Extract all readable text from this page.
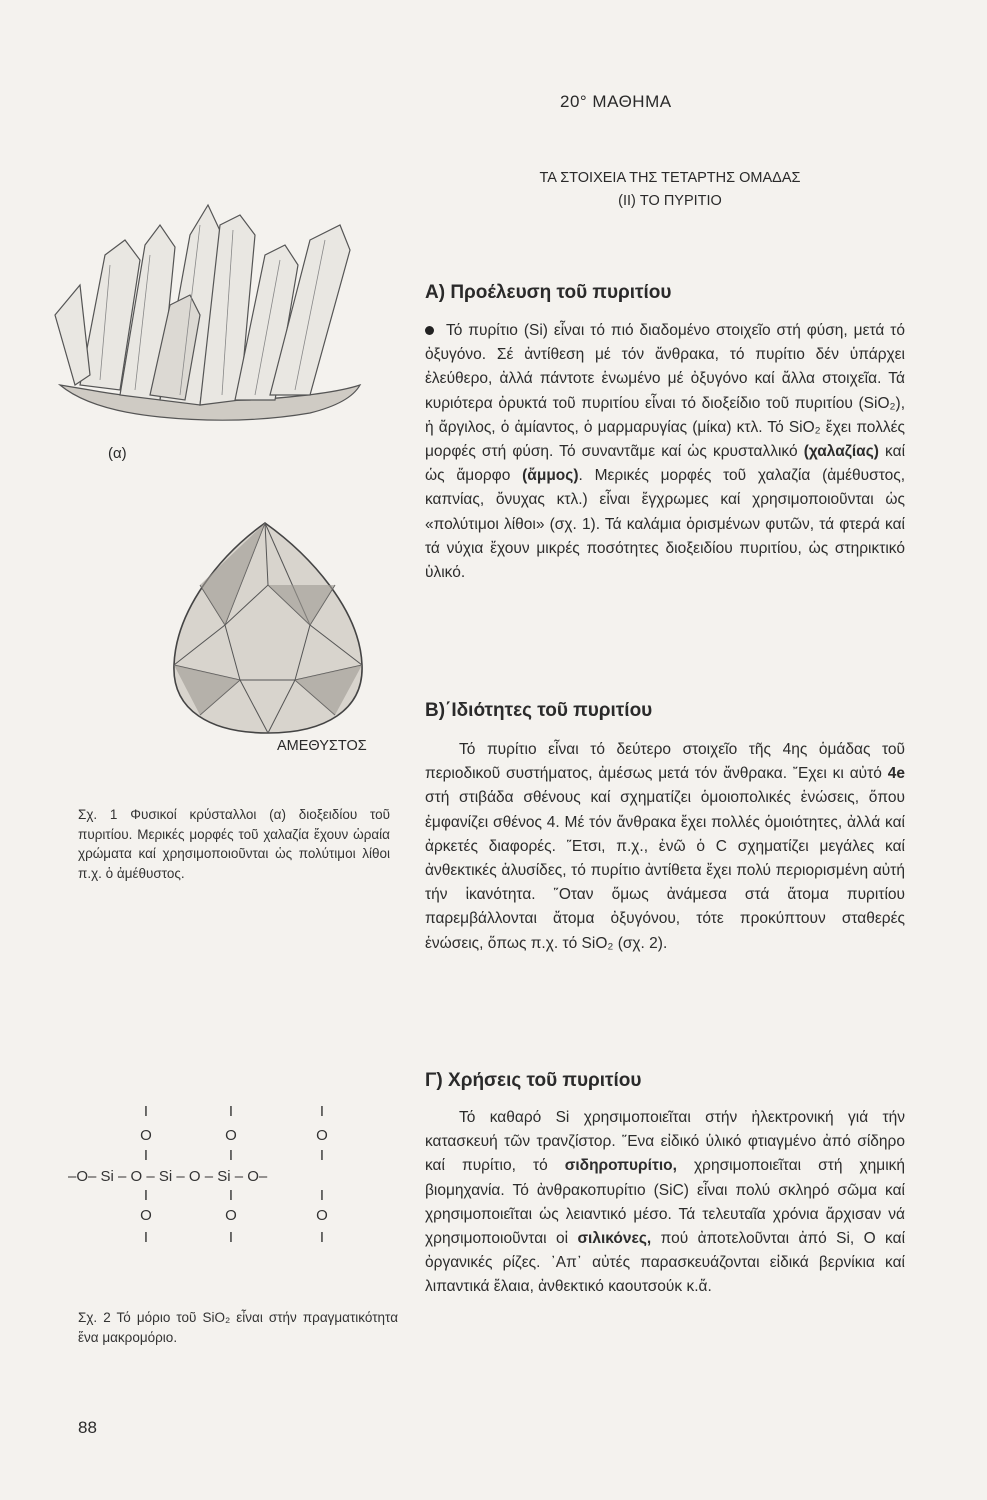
20° ΜΑΘΗΜΑ
ΤΑ ΣΤΟΙΧΕΙΑ ΤΗΣ ΤΕΤΑΡΤΗΣ ΟΜΑΔΑΣ
(II) ΤΟ ΠΥΡΙΤΙΟ
(α)
ΑΜΕΘΥΣΤΟΣ
Σχ. 1 Φυσικοί κρύσταλλοι (α) διοξειδίου τοῦ πυριτίου. Μερικές μορφές τοῦ χαλαζία ἔχουν ὡραία χρώματα καί χρησιμοποιοῦνται ὡς πολύτιμοι λίθοι π.χ. ὁ ἀμέθυστος.
I
O
I
I
O
I
I
O
I
I
O
I
I
O
I
I
O
I
–O– Si – O – Si – O – Si – O–
Σχ. 2 Τό μόριο τοῦ SiO₂ εἶναι στήν πραγματικότητα ἕνα μακρομόριο.
Α) Προέλευση τοῦ πυριτίου
Τό πυρίτιο (Si) εἶναι τό πιό διαδομένο στοιχεῖο στή φύση, μετά τό ὀξυγόνο. Σέ ἀντίθεση μέ τόν ἄνθρακα, τό πυρίτιο δέν ὑπάρχει ἐλεύθερο, ἀλλά πάντοτε ἑνωμένο μέ ὀξυγόνο καί ἄλλα στοιχεῖα. Τά κυριότερα ὀρυκτά τοῦ πυριτίου εἶναι τό διοξείδιο τοῦ πυριτίου (SiO₂), ἡ ἄργιλος, ὁ ἀμίαντος, ὁ μαρμαρυγίας (μίκα) κτλ. Τό SiO₂ ἔχει πολλές μορφές στή φύση. Τό συναντᾶμε καί ὡς κρυσταλλικό (χαλαζίας) καί ὡς ἄμορφο (ἄμμος). Μερικές μορφές τοῦ χαλαζία (ἀμέθυστος, καπνίας, ὄνυχας κτλ.) εἶναι ἔγχρωμες καί χρησιμοποιοῦνται ὡς «πολύτιμοι λίθοι» (σχ. 1). Τά καλάμια ὁρισμένων φυτῶν, τά φτερά καί τά νύχια ἔχουν μικρές ποσότητες διοξειδίου πυριτίου, ὡς στηρικτικό ὑλικό.
Β)΄Ιδιότητες τοῦ πυριτίου
Τό πυρίτιο εἶναι τό δεύτερο στοιχεῖο τῆς 4ης ὁμάδας τοῦ περιοδικοῦ συστήματος, ἀμέσως μετά τόν ἄνθρακα. ῎Εχει κι αὐτό 4e στή στιβάδα σθένους καί σχηματίζει ὁμοιοπολικές ἑνώσεις, ὅπου ἐμφανίζει σθένος 4. Μέ τόν ἄνθρακα ἔχει πολλές ὁμοιότητες, ἀλλά καί ἀρκετές διαφορές. ῞Ετσι, π.χ., ἐνῶ ὁ C σχηματίζει μεγάλες καί ἀνθεκτικές ἁλυσίδες, τό πυρίτιο ἀντίθετα ἔχει πολύ περιορισμένη αὐτή τήν ἱκανότητα. ῞Οταν ὅμως ἀνάμεσα στά ἄτομα πυριτίου παρεμβάλλονται ἄτομα ὀξυγόνου, τότε προκύπτουν σταθερές ἑνώσεις, ὅπως π.χ. τό SiO₂ (σχ. 2).
Γ) Χρήσεις τοῦ πυριτίου
Τό καθαρό Si χρησιμοποιεῖται στήν ἠλεκτρονική γιά τήν κατασκευή τῶν τρανζίστορ. ῞Ενα εἰδικό ὑλικό φτιαγμένο ἀπό σίδηρο καί πυρίτιο, τό σιδηροπυρίτιο, χρησιμοποιεῖται στή χημική βιομηχανία. Τό ἀνθρακοπυρίτιο (SiC) εἶναι πολύ σκληρό σῶμα καί χρησιμοποιεῖται ὡς λειαντικό μέσο. Τά τελευταῖα χρόνια ἄρχισαν νά χρησιμοποιοῦνται οἱ σιλικόνες, πού ἀποτελοῦνται ἀπό Si, O καί ὀργανικές ρίζες. ᾽Απ᾽ αὐτές παρασκευάζονται εἰδικά βερνίκια καί λιπαντικά ἔλαια, ἀνθεκτικό καουτσούκ κ.ἄ.
88
